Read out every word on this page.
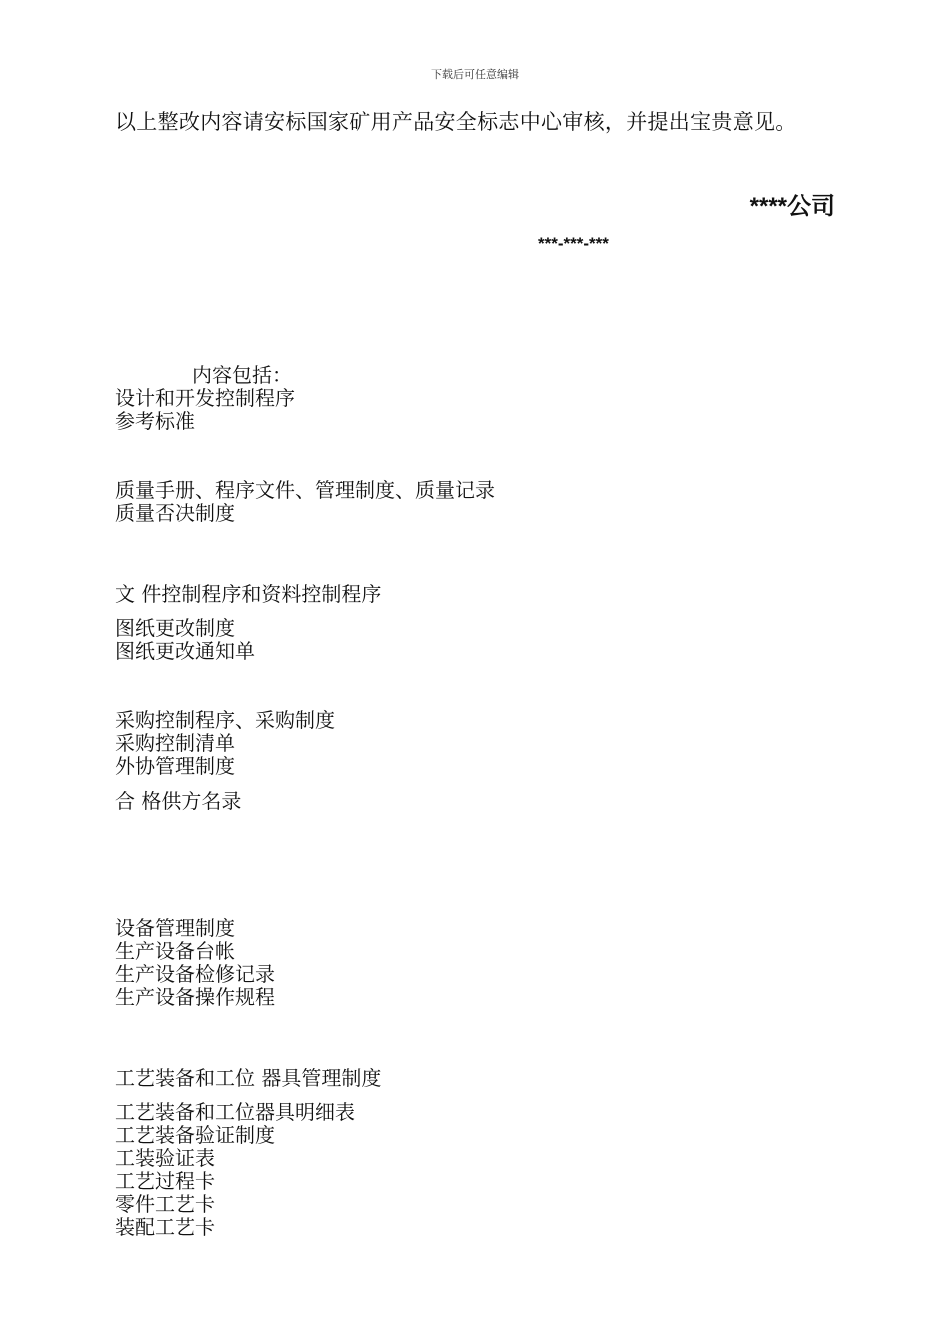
下载后可任意编辑
以上整改内容请安标国家矿用产品安全标志中心审核，并提出宝贵意见。
****公司
***-***-***
内容包括：
设计和开发控制程序
参考标准
质量手册、程序文件、管理制度、质量记录
质量否决制度
文 件控制程序和资料控制程序
图纸更改制度
图纸更改通知单
采购控制程序、采购制度
采购控制清单
外协管理制度
合 格供方名录
设备管理制度
生产设备台帐
生产设备检修记录
生产设备操作规程
工艺装备和工位 器具管理制度
工艺装备和工位器具明细表
工艺装备验证制度
工装验证表
工艺过程卡
零件工艺卡
装配工艺卡
